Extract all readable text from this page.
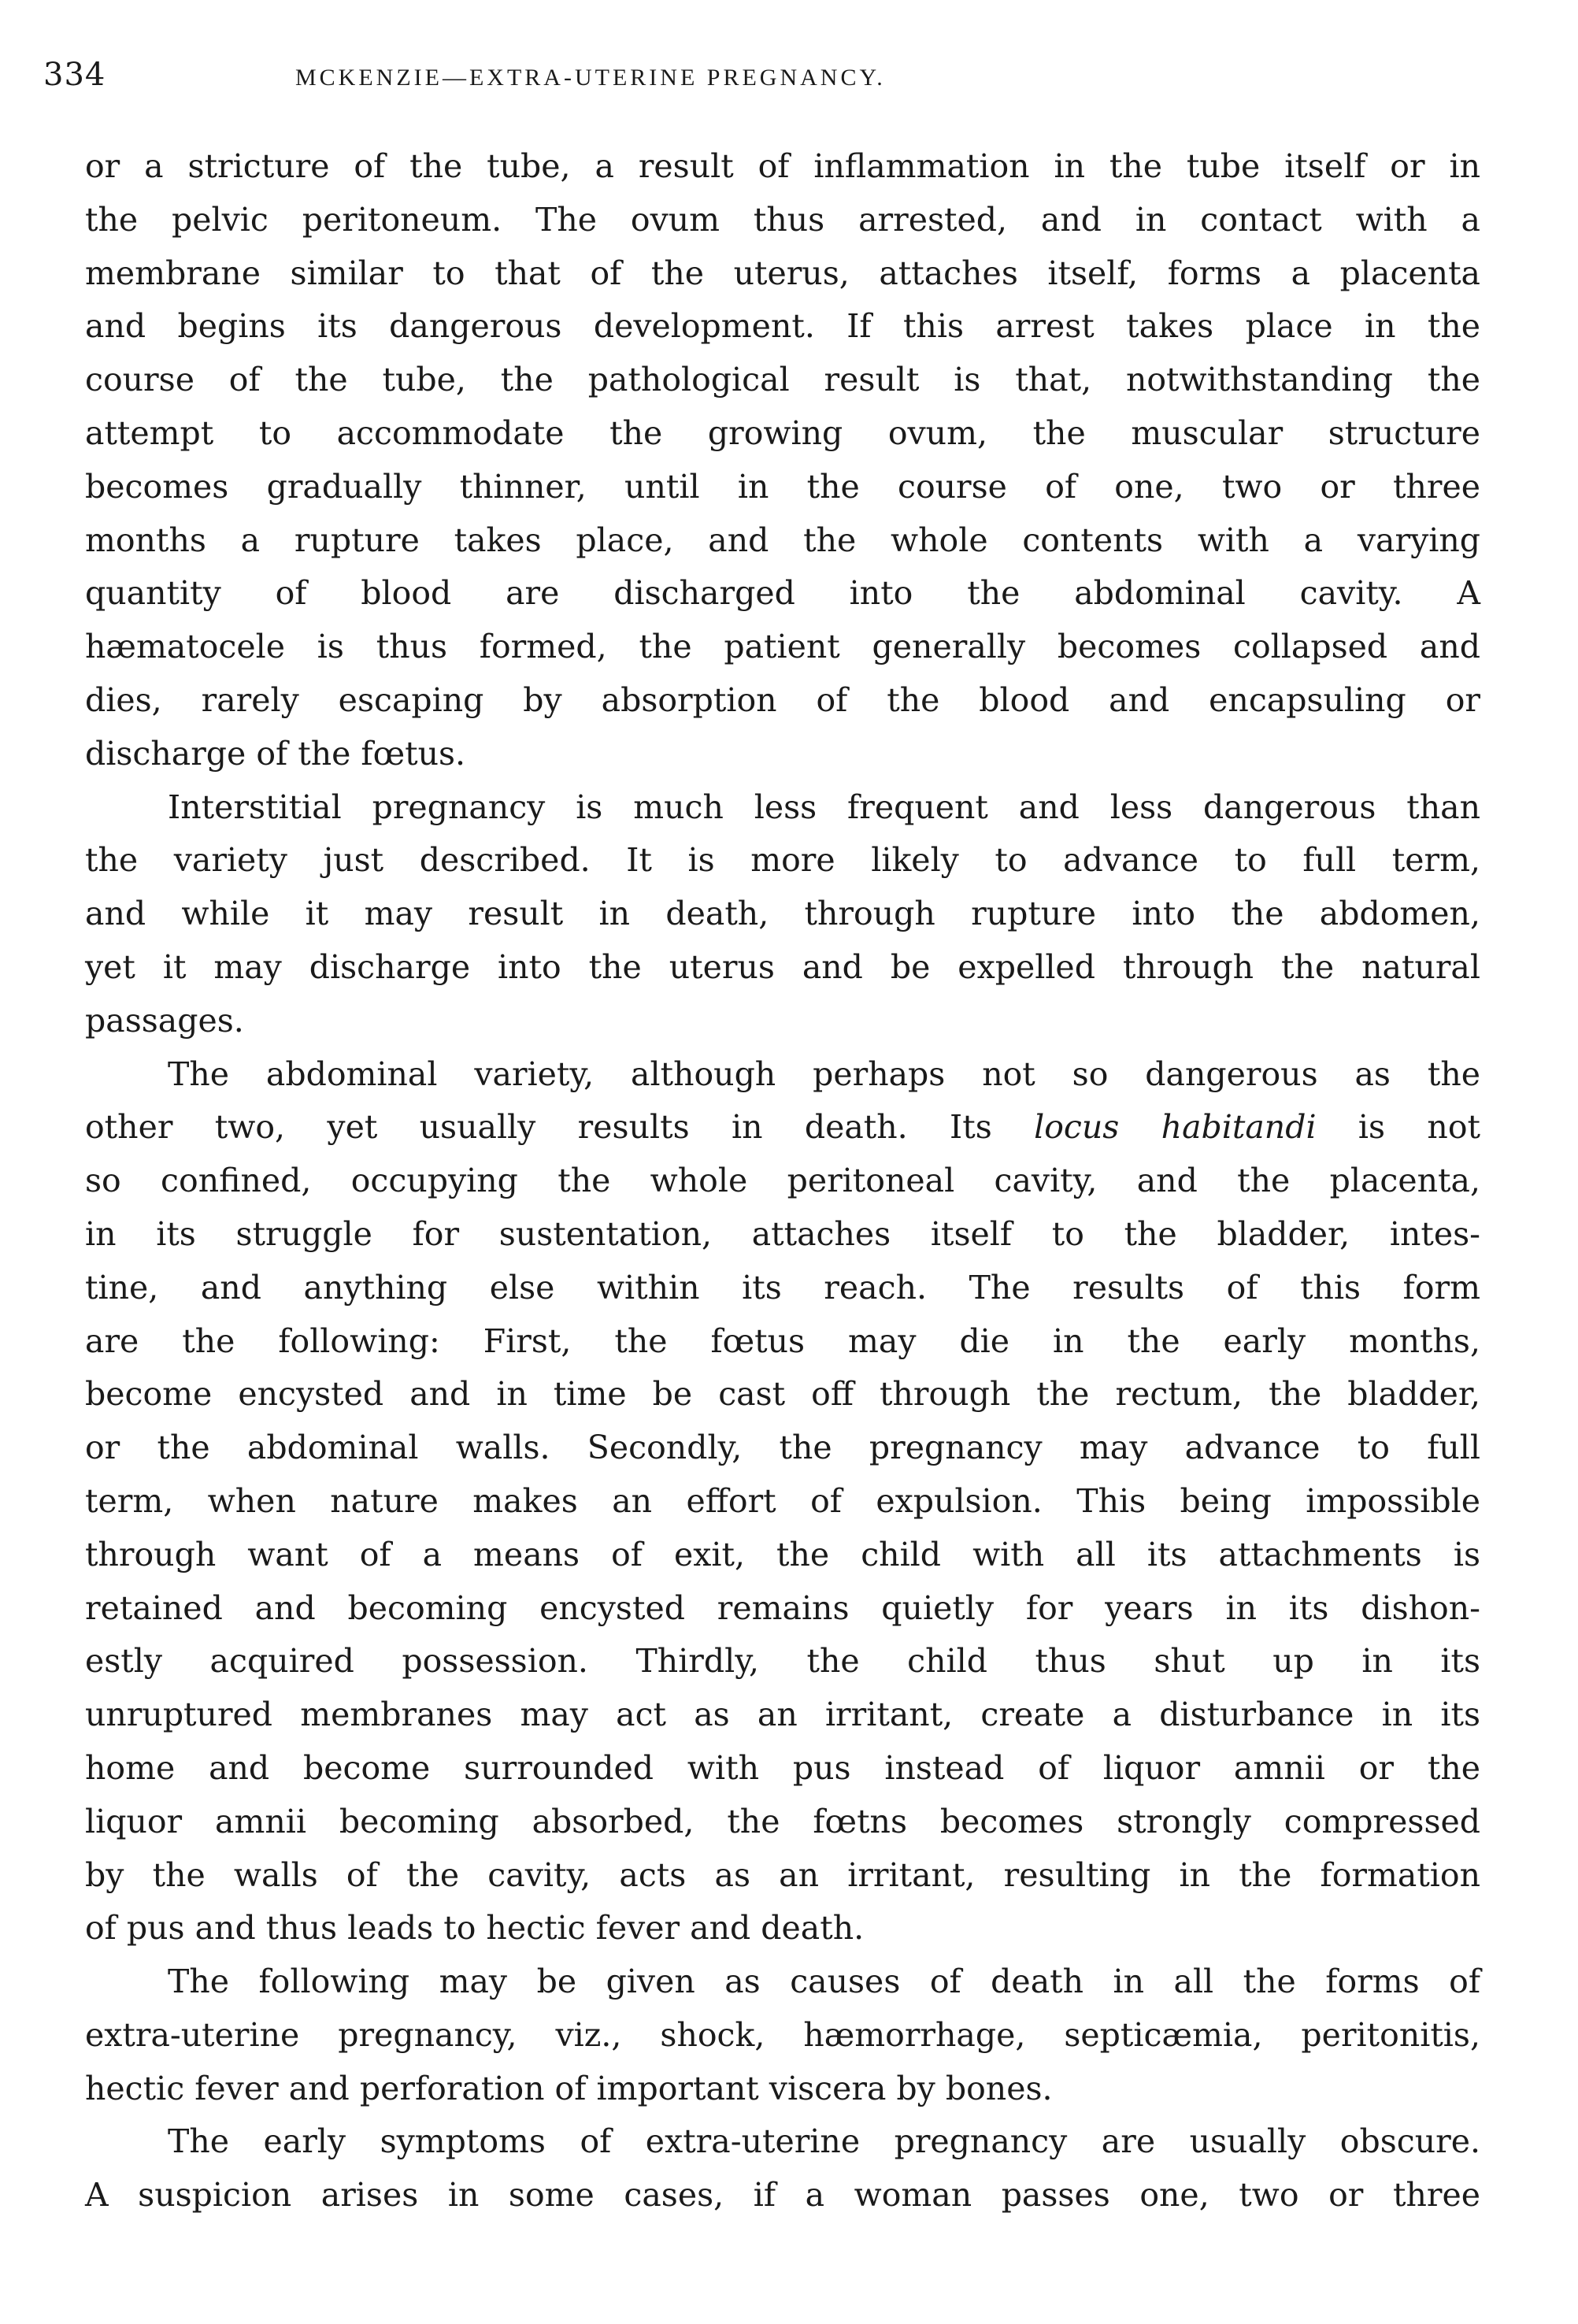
334	MCKENZIE—EXTRA-UTERINE PREGNANCY.
or a stricture of the tube, a result of inflammation in the tube itself or in
the pelvic peritoneum. The ovum thus arrested, and in contact with a
membrane similar to that of the uterus, attaches itself, forms a placenta
and begins its dangerous development. If this arrest takes place in the
course of the tube, the pathological result is that, notwithstanding the
attempt to accommodate the growing ovum, the muscular structure
becomes gradually thinner, until in the course of one, two or three
months a rupture takes place, and the whole contents with a varying
quantity of blood are discharged into the abdominal cavity. A
hæmatocele is thus formed, the patient generally becomes collapsed and
dies, rarely escaping by absorption of the blood and encapsuling or
discharge of the fœtus.
Interstitial pregnancy is much less frequent and less dangerous than
the variety just described. It is more likely to advance to full term,
and while it may result in death, through rupture into the abdomen,
yet it may discharge into the uterus and be expelled through the natural
passages.
The abdominal variety, although perhaps not so dangerous as the
other two, yet usually results in death. Its locus habitandi is not
so confined, occupying the whole peritoneal cavity, and the placenta,
in its struggle for sustentation, attaches itself to the bladder, intes-
tine, and anything else within its reach. The results of this form
are the following: First, the fœtus may die in the early months,
become encysted and in time be cast off through the rectum, the bladder,
or the abdominal walls. Secondly, the pregnancy may advance to full
term, when nature makes an effort of expulsion. This being impossible
through want of a means of exit, the child with all its attachments is
retained and becoming encysted remains quietly for years in its dishon-
estly acquired possession. Thirdly, the child thus shut up in its
unruptured membranes may act as an irritant, create a disturbance in its
home and become surrounded with pus instead of liquor amnii or the
liquor amnii becoming absorbed, the fœtns becomes strongly compressed
by the walls of the cavity, acts as an irritant, resulting in the formation
of pus and thus leads to hectic fever and death.
The following may be given as causes of death in all the forms of
extra-uterine pregnancy, viz., shock, hæmorrhage, septicæmia, peritonitis,
hectic fever and perforation of important viscera by bones.
The early symptoms of extra-uterine pregnancy are usually obscure.
A suspicion arises in some cases, if a woman passes one, two or three
